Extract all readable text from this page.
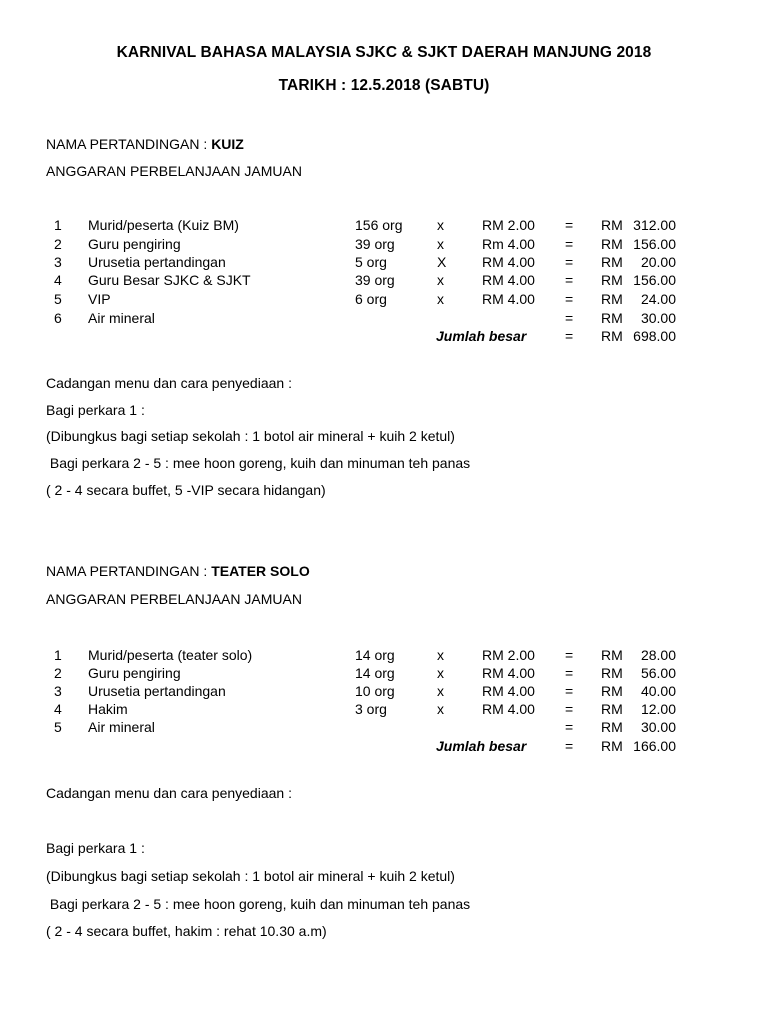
KARNIVAL BAHASA MALAYSIA SJKC & SJKT DAERAH MANJUNG 2018
TARIKH : 12.5.2018 (SABTU)
NAMA PERTANDINGAN : KUIZ
ANGGARAN PERBELANJAAN JAMUAN
1 Murid/peserta (Kuiz BM)	156 org x	RM 2.00 = RM 312.00
2 Guru pengiring	39 org	x	Rm 4.00 = RM 156.00
3 Urusetia pertandingan	5 org	X	RM 4.00 = RM	20.00
4 Guru Besar SJKC & SJKT	39 org	x	RM 4.00 = RM 156.00
5 VIP	6 org	x	RM 4.00 = RM	24.00
6 Air mineral	= RM	30.00
Jumlah besar	= RM 698.00
Cadangan menu dan cara penyediaan :
Bagi perkara 1 :
(Dibungkus bagi setiap sekolah : 1 botol air mineral + kuih 2 ketul)
Bagi perkara 2 - 5 : mee hoon goreng, kuih dan minuman teh panas
( 2 - 4 secara buffet, 5 -VIP secara hidangan)
NAMA PERTANDINGAN : TEATER SOLO
ANGGARAN PERBELANJAAN JAMUAN
1 Murid/peserta (teater solo)	14 org	x	RM 2.00 = RM	28.00
2 Guru pengiring	14 org	x	RM 4.00 = RM	56.00
3 Urusetia pertandingan	10 org	x	RM 4.00 = RM	40.00
4 Hakim	3 org	x	RM 4.00 = RM	12.00
5 Air mineral	= RM	30.00
Jumlah besar	= RM 166.00
Cadangan menu dan cara penyediaan :
Bagi perkara 1 :
(Dibungkus bagi setiap sekolah : 1 botol air mineral + kuih 2 ketul)
Bagi perkara 2 - 5 : mee hoon goreng, kuih dan minuman teh panas
( 2 - 4 secara buffet, hakim : rehat 10.30 a.m)
